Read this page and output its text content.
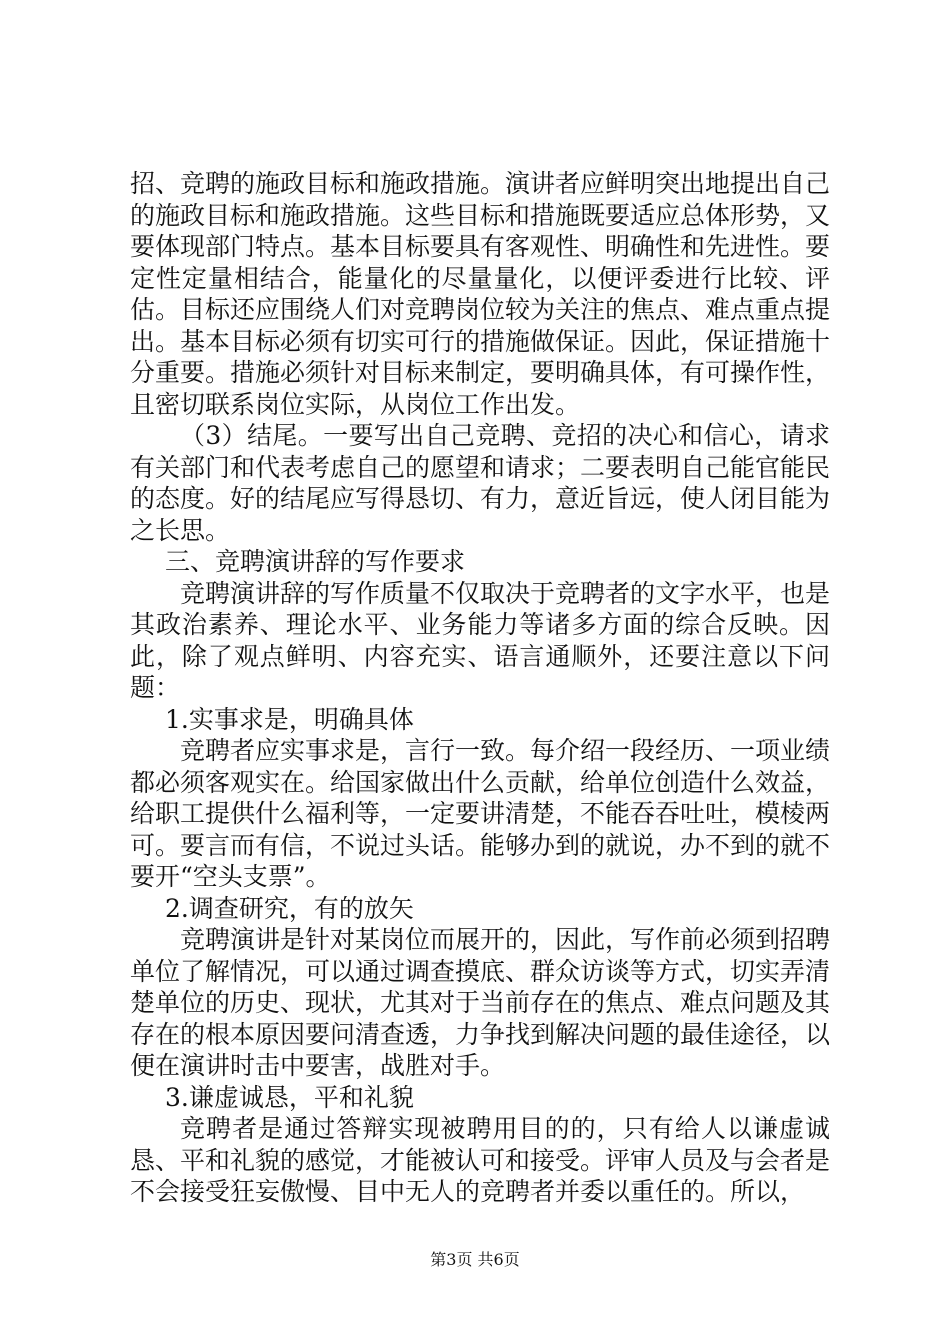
招、竞聘的施政目标和施政措施。演讲者应鲜明突出地提出自己的施政目标和施政措施。这些目标和措施既要适应总体形势，又要体现部门特点。基本目标要具有客观性、明确性和先进性。要定性定量相结合，能量化的尽量量化，以便评委进行比较、评估。目标还应围绕人们对竞聘岗位较为关注的焦点、难点重点提出。基本目标必须有切实可行的措施做保证。因此，保证措施十分重要。措施必须针对目标来制定，要明确具体，有可操作性，且密切联系岗位实际，从岗位工作出发。

（3）结尾。一要写出自己竞聘、竞招的决心和信心，请求有关部门和代表考虑自己的愿望和请求；二要表明自己能官能民的态度。好的结尾应写得恳切、有力，意近旨远，使人闭目能为之长思。

三、竞聘演讲辞的写作要求

竞聘演讲辞的写作质量不仅取决于竞聘者的文字水平，也是其政治素养、理论水平、业务能力等诸多方面的综合反映。因此，除了观点鲜明、内容充实、语言通顺外，还要注意以下问题：

1.实事求是，明确具体

竞聘者应实事求是，言行一致。每介绍一段经历、一项业绩都必须客观实在。给国家做出什么贡献，给单位创造什么效益，给职工提供什么福利等，一定要讲清楚，不能吞吞吐吐，模棱两可。要言而有信，不说过头话。能够办到的就说，办不到的就不要开“空头支票”。

2.调查研究，有的放矢

竞聘演讲是针对某岗位而展开的，因此，写作前必须到招聘单位了解情况，可以通过调查摸底、群众访谈等方式，切实弄清楚单位的历史、现状，尤其对于当前存在的焦点、难点问题及其存在的根本原因要问清查透，力争找到解决问题的最佳途径，以便在演讲时击中要害，战胜对手。

3.谦虚诚恳，平和礼貌

竞聘者是通过答辩实现被聘用目的的，只有给人以谦虚诚恳、平和礼貌的感觉，才能被认可和接受。评审人员及与会者是不会接受狂妄傲慢、目中无人的竞聘者并委以重任的。所以，

第3页 共6页
